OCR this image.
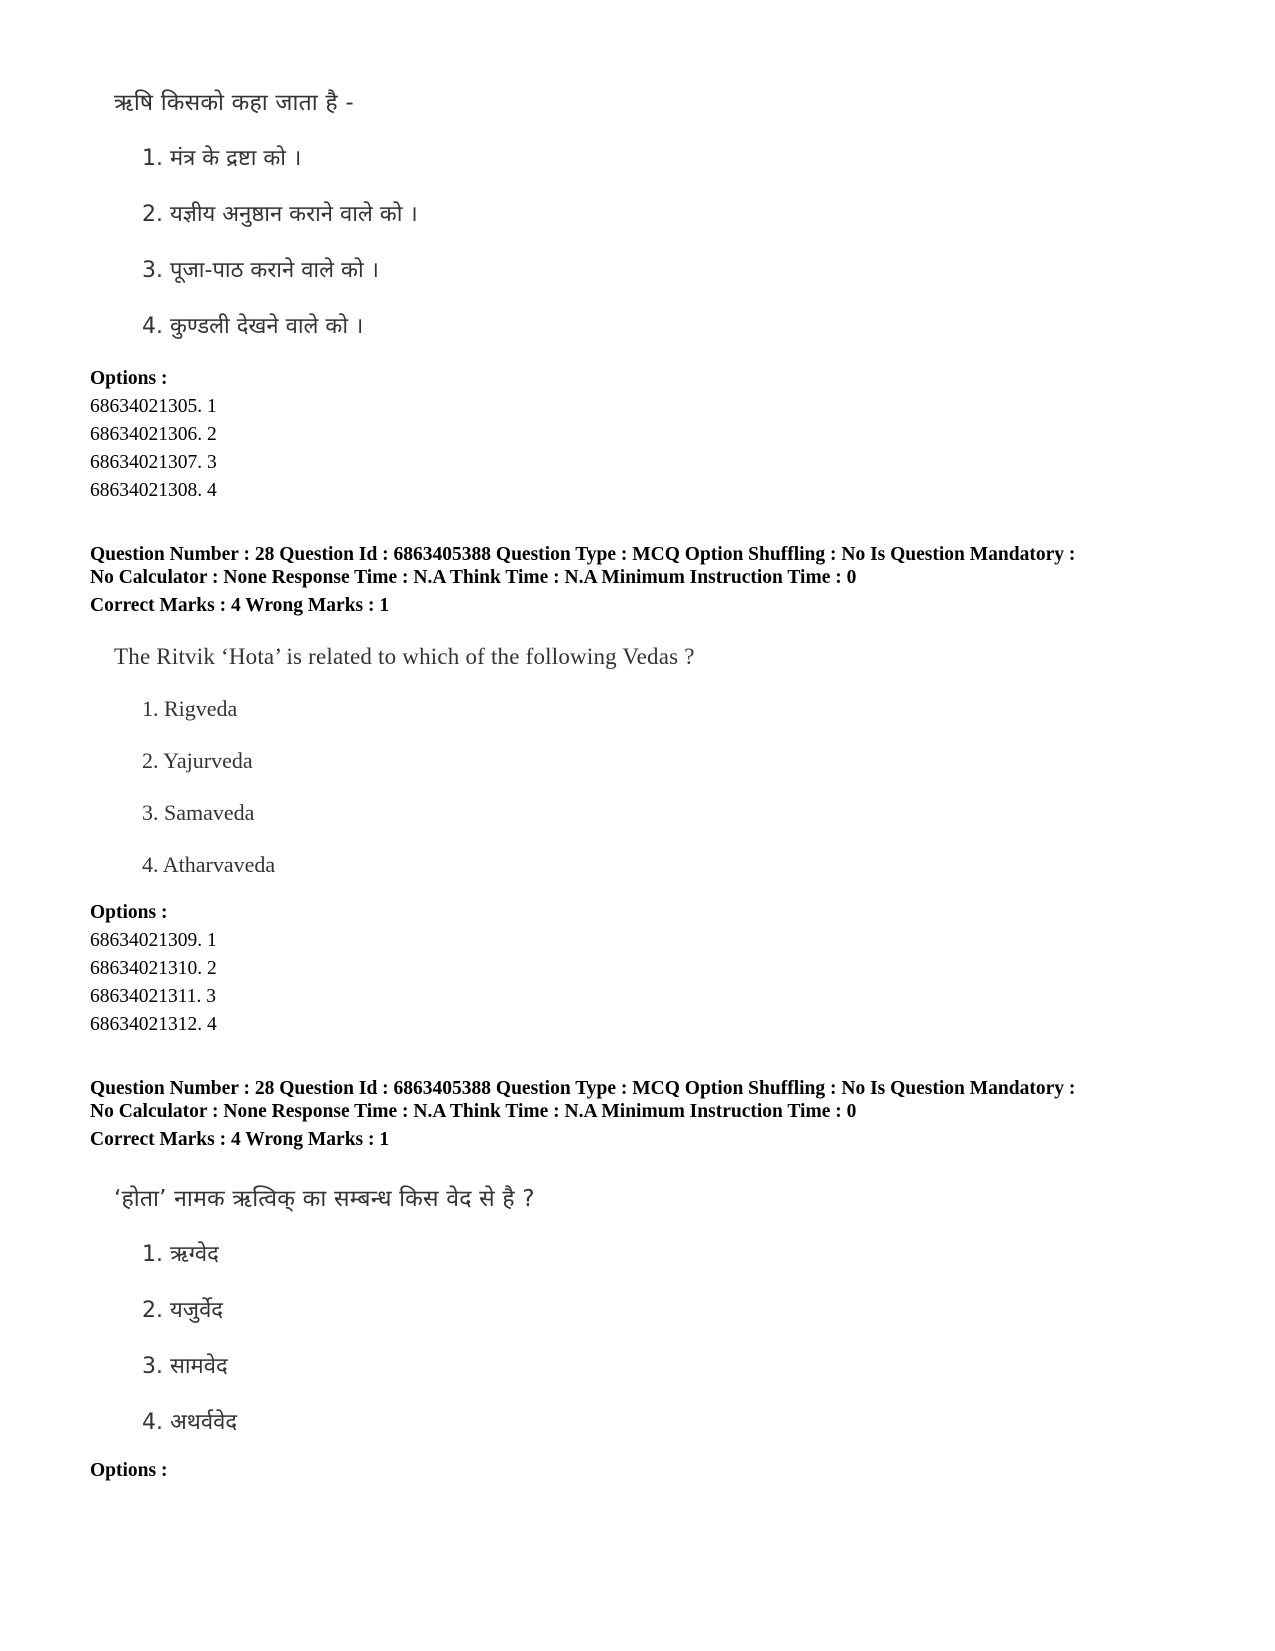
ऋषि किसको कहा जाता है -
1. मंत्र के द्रष्टा को ।
2. यज्ञीय अनुष्ठान कराने वाले को ।
3. पूजा-पाठ कराने वाले को ।
4. कुण्डली देखने वाले को ।
Options :
68634021305. 1
68634021306. 2
68634021307. 3
68634021308. 4
Question Number : 28 Question Id : 6863405388 Question Type : MCQ Option Shuffling : No Is Question Mandatory :
No Calculator : None Response Time : N.A Think Time : N.A Minimum Instruction Time : 0
Correct Marks : 4 Wrong Marks : 1
The Ritvik ‘Hota’ is related to which of the following Vedas ?
1. Rigveda
2. Yajurveda
3. Samaveda
4. Atharvaveda
Options :
68634021309. 1
68634021310. 2
68634021311. 3
68634021312. 4
Question Number : 28 Question Id : 6863405388 Question Type : MCQ Option Shuffling : No Is Question Mandatory :
No Calculator : None Response Time : N.A Think Time : N.A Minimum Instruction Time : 0
Correct Marks : 4 Wrong Marks : 1
‘होता’ नामक ऋत्विक् का सम्बन्ध किस वेद से है ?
1. ऋग्वेद
2. यजुर्वेद
3. सामवेद
4. अथर्ववेद
Options :
